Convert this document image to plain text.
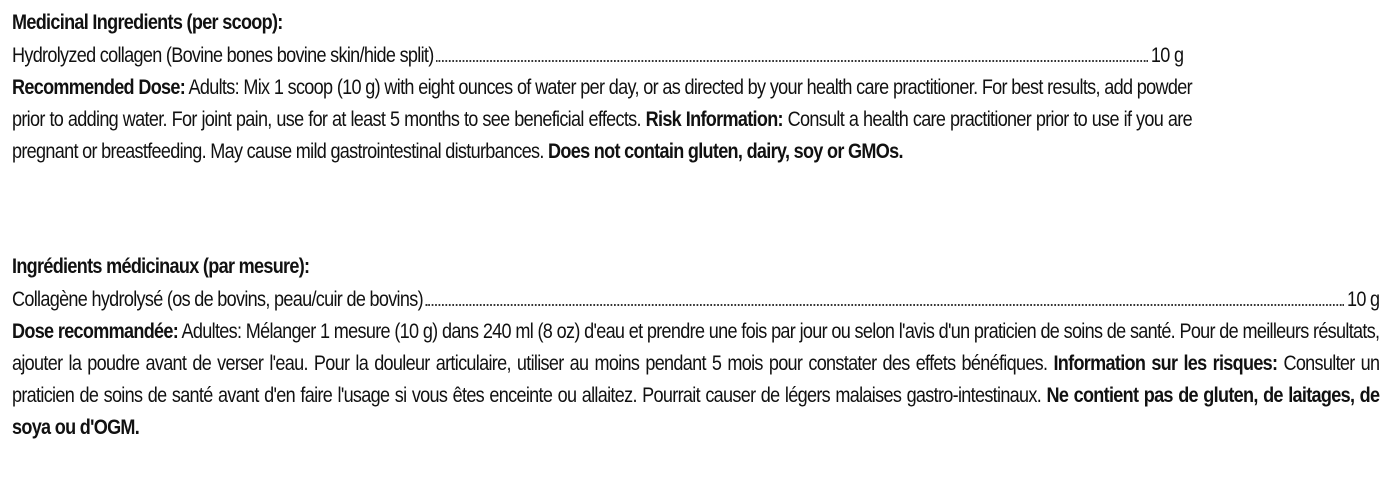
Medicinal Ingredients (per scoop):

Hydrolyzed collagen (Bovine bones bovine skin/hide split)	10 g

Recommended Dose: Adults: Mix 1 scoop (10 g) with eight ounces of water per day, or as directed by your health care practitioner. For best results, add powder prior to adding water. For joint pain, use for at least 5 months to see beneficial effects. Risk Information: Consult a health care practitioner prior to use if you are pregnant or breastfeeding. May cause mild gastrointestinal disturbances. Does not contain gluten, dairy, soy or GMOs.

Ingrédients médicinaux (par mesure):

Collagène hydrolysé (os de bovins, peau/cuir de bovins)	10 g

Dose recommandée: Adultes: Mélanger 1 mesure (10 g) dans 240 ml (8 oz) d'eau et prendre une fois par jour ou selon l'avis d'un praticien de soins de santé. Pour de meilleurs résultats, ajouter la poudre avant de verser l'eau. Pour la douleur articulaire, utiliser au moins pendant 5 mois pour constater des effets bénéfiques. Information sur les risques: Consulter un praticien de soins de santé avant d'en faire l'usage si vous êtes enceinte ou allaitez. Pourrait causer de légers malaises gastro-intestinaux. Ne contient pas de gluten, de laitages, de soya ou d'OGM.
